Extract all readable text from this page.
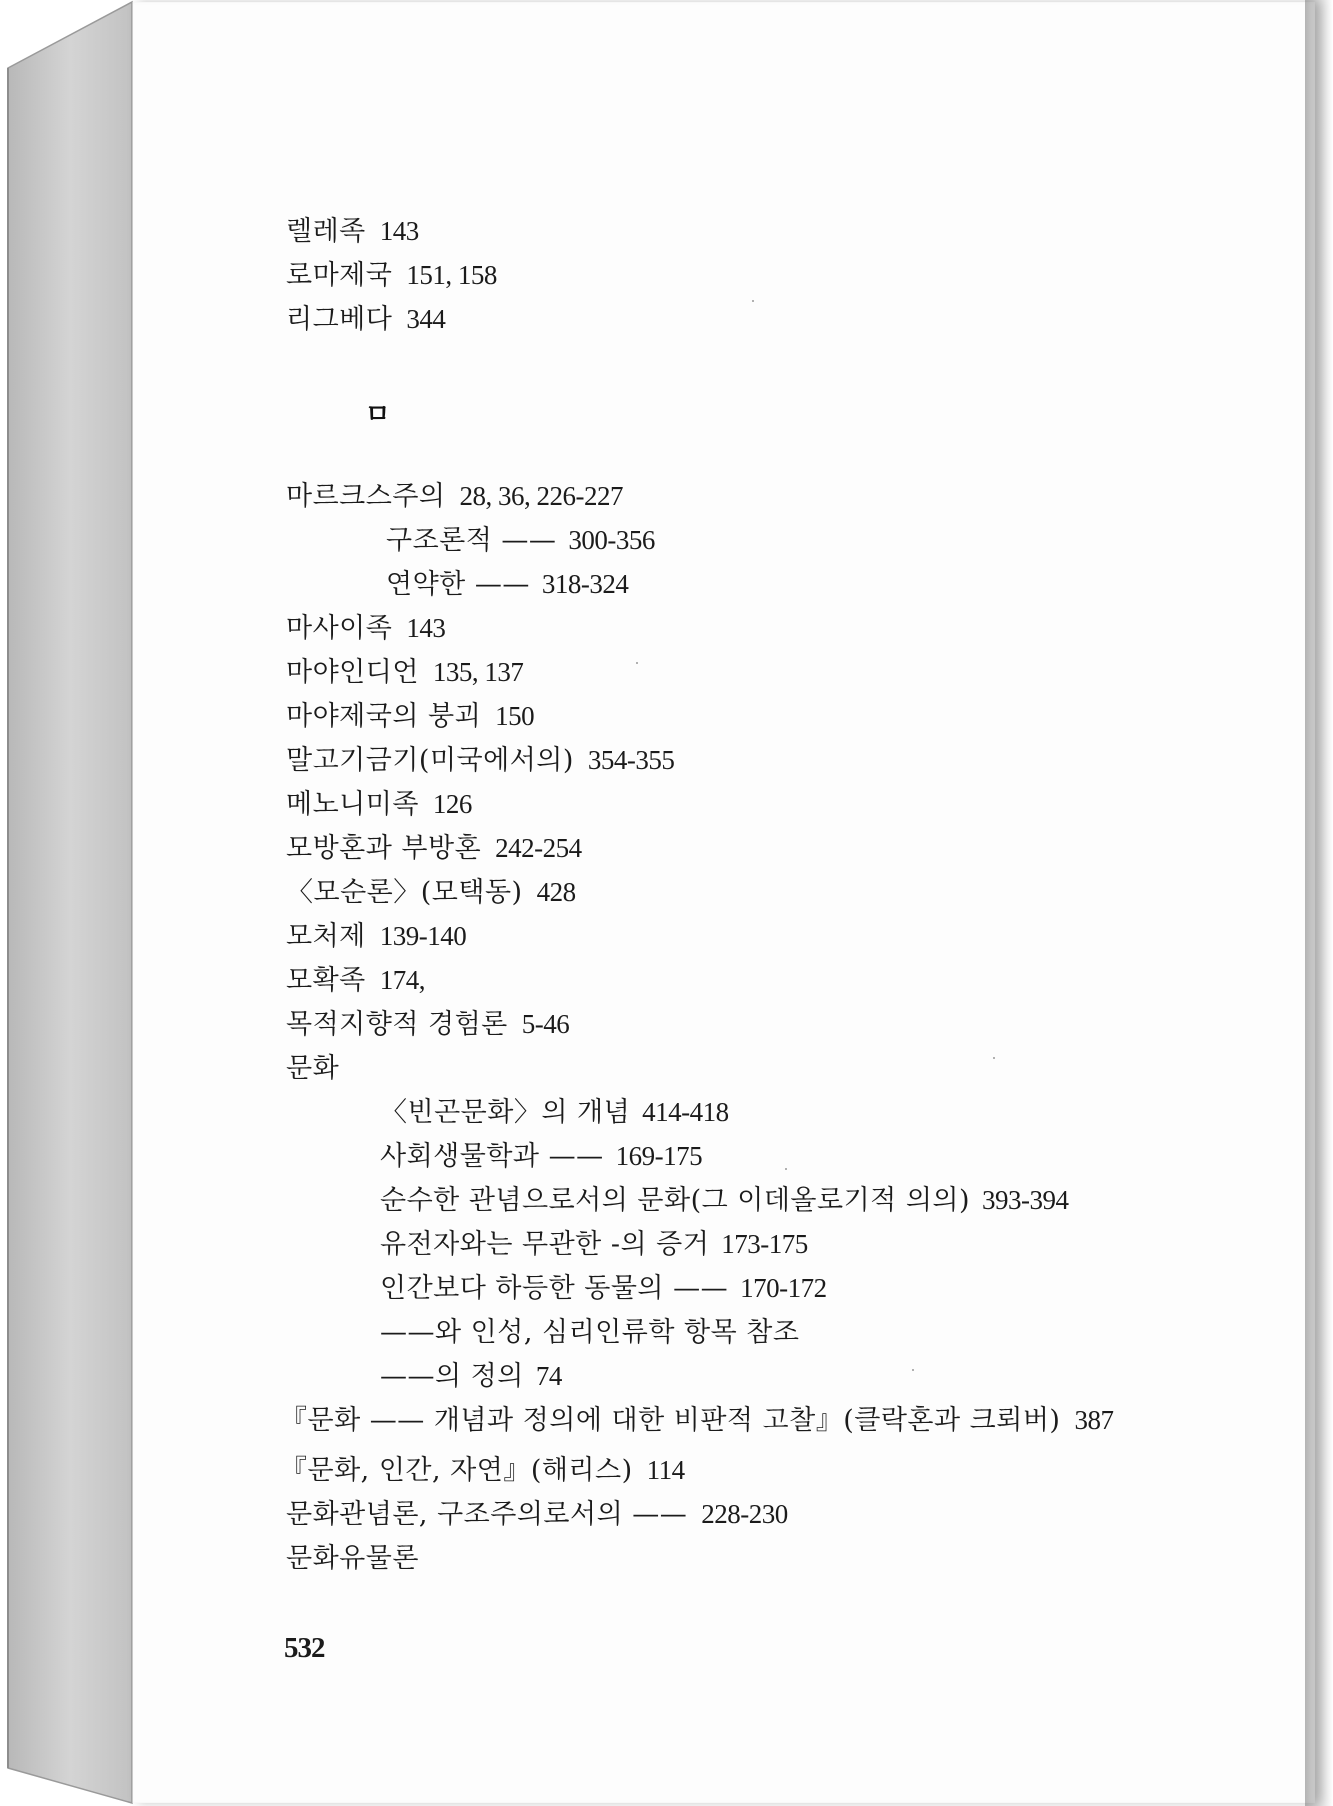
렐레족 143
로마제국 151, 158
리그베다 344
ㅁ
마르크스주의 28, 36, 226-227
구조론적 —— 300-356
연약한 —— 318-324
마사이족 143
마야인디언 135, 137
마야제국의 붕괴 150
말고기금기(미국에서의) 354-355
메노니미족 126
모방혼과 부방혼 242-254
〈모순론〉(모택동) 428
모처제 139-140
모확족 174,
목적지향적 경험론 5-46
문화
〈빈곤문화〉의 개념 414-418
사회생물학과 —— 169-175
순수한 관념으로서의 문화(그 이데올로기적 의의) 393-394
유전자와는 무관한 -의 증거 173-175
인간보다 하등한 동물의 —— 170-172
——와 인성, 심리인류학 항목 참조
——의 정의 74
『문화 —— 개념과 정의에 대한 비판적 고찰』(클락혼과 크뢰버) 387
『문화, 인간, 자연』(해리스) 114
문화관념론, 구조주의로서의 —— 228-230
문화유물론
532
